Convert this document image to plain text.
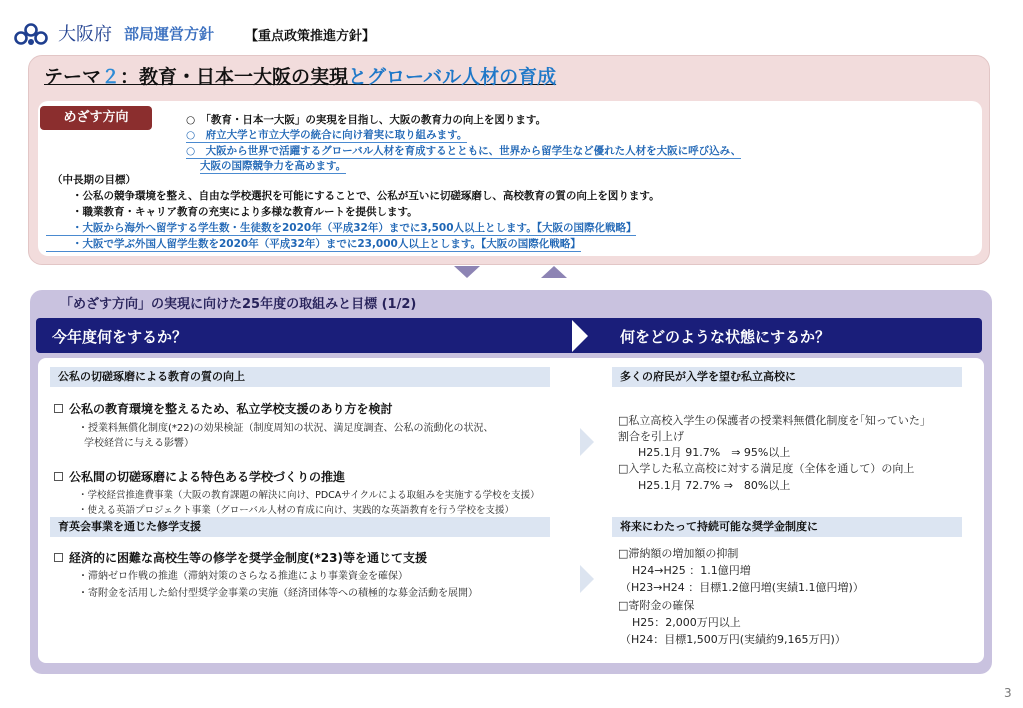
大阪府 部局運営方針 【重点政策推進方針】
テーマ２：教育・日本一大阪の実現とグローバル人材の育成
めざす方向	○　「教育・日本一大阪」の実現を目指し、大阪の教育力の向上を図ります。
○　府立大学と市立大学の統合に向け着実に取り組みます。
○　大阪から世界で活躍するグローバル人材を育成するとともに、世界から留学生など優れた人材を大阪に呼び込み、
大阪の国際競争力を高めます。
（中長期の目標）
・公私の競争環境を整え、自由な学校選択を可能にすることで、公私が互いに切磋琢磨し、高校教育の質の向上を図ります。
・職業教育・キャリア教育の充実により多様な教育ルートを提供します。
・大阪から海外へ留学する学生数・生徒数を2020年（平成32年）までに3,500人以上とします。【大阪の国際化戦略】
・大阪で学ぶ外国人留学生数を2020年（平成32年）までに23,000人以上とします。【大阪の国際化戦略】
「めざす方向」の実現に向けた25年度の取組みと目標 (1/2)
今年度何をするか？	何をどのような状態にするか？
公私の切磋琢磨による教育の質の向上
公私の教育環境を整えるため、私立学校支援のあり方を検討
・授業料無償化制度(*22)の効果検証（制度周知の状況、満足度調査、公私の流動化の状況、
学校経営に与える影響）
公私間の切磋琢磨による特色ある学校づくりの推進
・学校経営推進費事業（大阪の教育課題の解決に向け、PDCAサイクルによる取組みを実施する学校を支援）
・使える英語プロジェクト事業（グローバル人材の育成に向け、実践的な英語教育を行う学校を支援）
育英会事業を通じた修学支援
経済的に困難な高校生等の修学を奨学金制度(*23)等を通じて支援
・滞納ゼロ作戦の推進（滞納対策のさらなる推進により事業資金を確保）
・寄附金を活用した給付型奨学金事業の実施（経済団体等への積極的な募金活動を展開）
多くの府民が入学を望む私立高校に
□私立高校入学生の保護者の授業料無償化制度を｢知っていた｣
割合を引上げ
H25.1月 91.7%　⇒ 95%以上
□入学した私立高校に対する満足度（全体を通して）の向上
H25.1月 72.7% ⇒　80%以上
将来にわたって持続可能な奨学金制度に
□滞納額の増加額の抑制
H24→H25 ：1.1億円増
（H23→H24 ：目標1.2億円増(実績1.1億円増)）
□寄附金の確保
H25：2,000万円以上
（H24：目標1,500万円(実績約9,165万円)）
3
